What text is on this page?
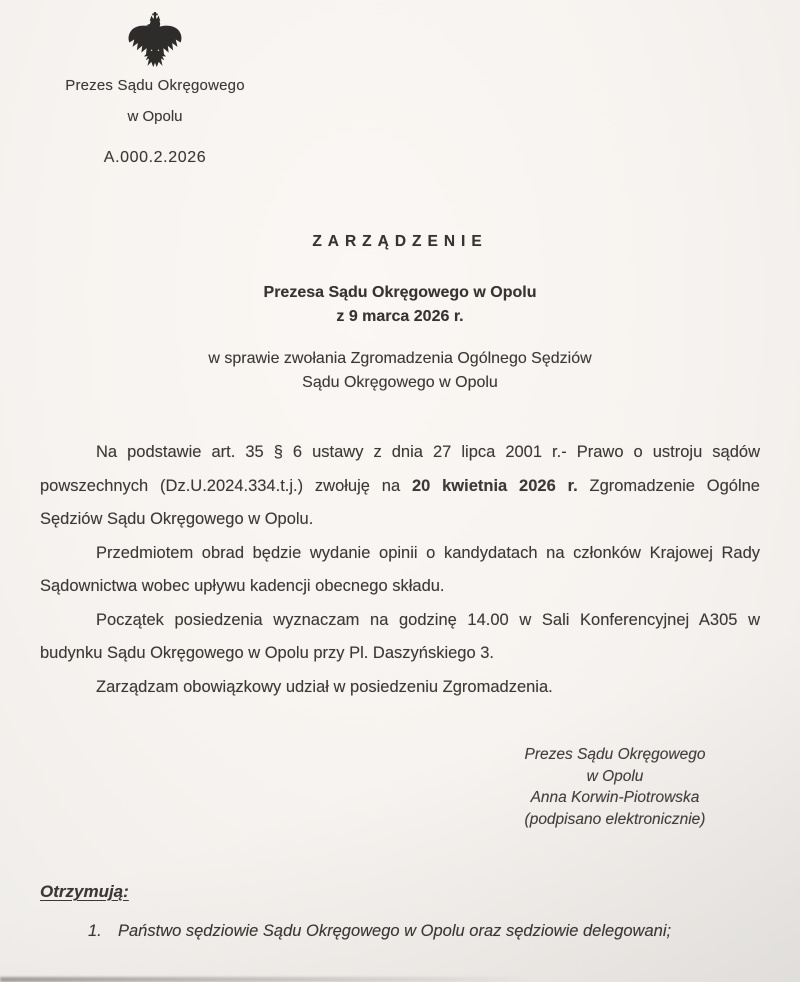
Prezes Sądu Okręgowego
w Opolu
A.000.2.2026
ZARZĄDZENIE
Prezesa Sądu Okręgowego w Opolu
z 9 marca 2026 r.
w sprawie zwołania Zgromadzenia Ogólnego Sędziów
Sądu Okręgowego w Opolu

Na podstawie art. 35 § 6 ustawy z dnia 27 lipca 2001 r.- Prawo o ustroju sądów powszechnych (Dz.U.2024.334.t.j.) zwołuję na 20 kwietnia 2026 r. Zgromadzenie Ogólne Sędziów Sądu Okręgowego w Opolu.

Przedmiotem obrad będzie wydanie opinii o kandydatach na członków Krajowej Rady Sądownictwa wobec upływu kadencji obecnego składu.

Początek posiedzenia wyznaczam na godzinę 14.00 w Sali Konferencyjnej A305 w budynku Sądu Okręgowego w Opolu przy Pl. Daszyńskiego 3.

Zarządzam obowiązkowy udział w posiedzeniu Zgromadzenia.

Prezes Sądu Okręgowego
w Opolu
Anna Korwin-Piotrowska
(podpisano elektronicznie)
Otrzymują:
1. Państwo sędziowie Sądu Okręgowego w Opolu oraz sędziowie delegowani;
